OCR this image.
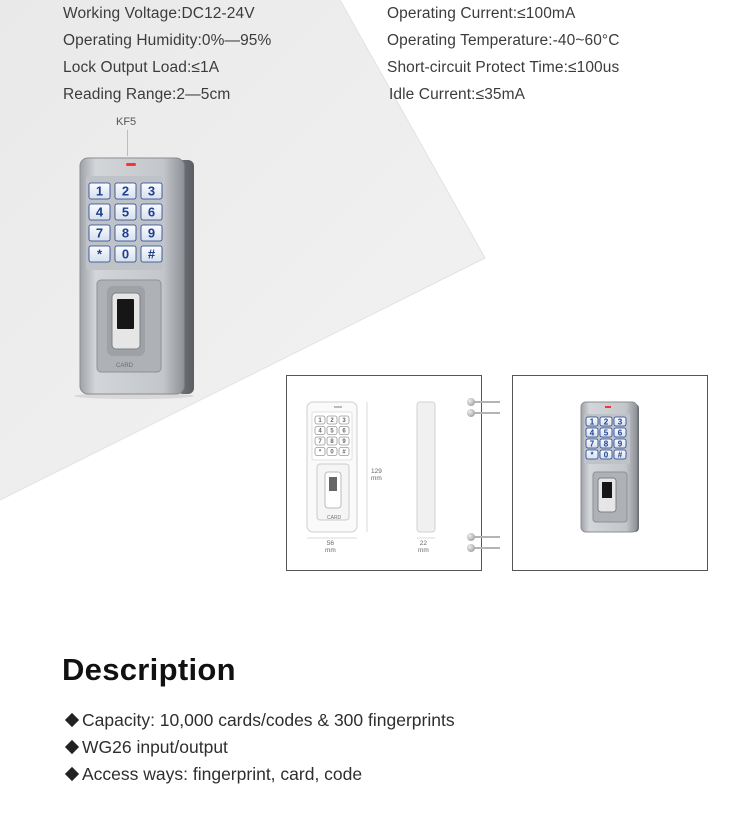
Working Voltage:DC12-24V	Operating Current:≤100mA
Operating Humidity:0%—95%	Operating Temperature:-40~60°C
Lock Output Load:≤1A	Short-circuit Protect Time:≤100us
Reading Range:2—5cm	Idle Current:≤35mA
KF5
CARD
1 2 3
4 5 6
7 8 9
* 0 #
CARD
1 2 3
4 5 6
7 8 9
* 0 #
129
mm
56
mm
22
mm
1 2 3
4 5 6
7 8 9
* 0 #
Description
Capacity: 10,000 cards/codes & 300 fingerprints
WG26 input/output
Access ways: fingerprint, card, code
